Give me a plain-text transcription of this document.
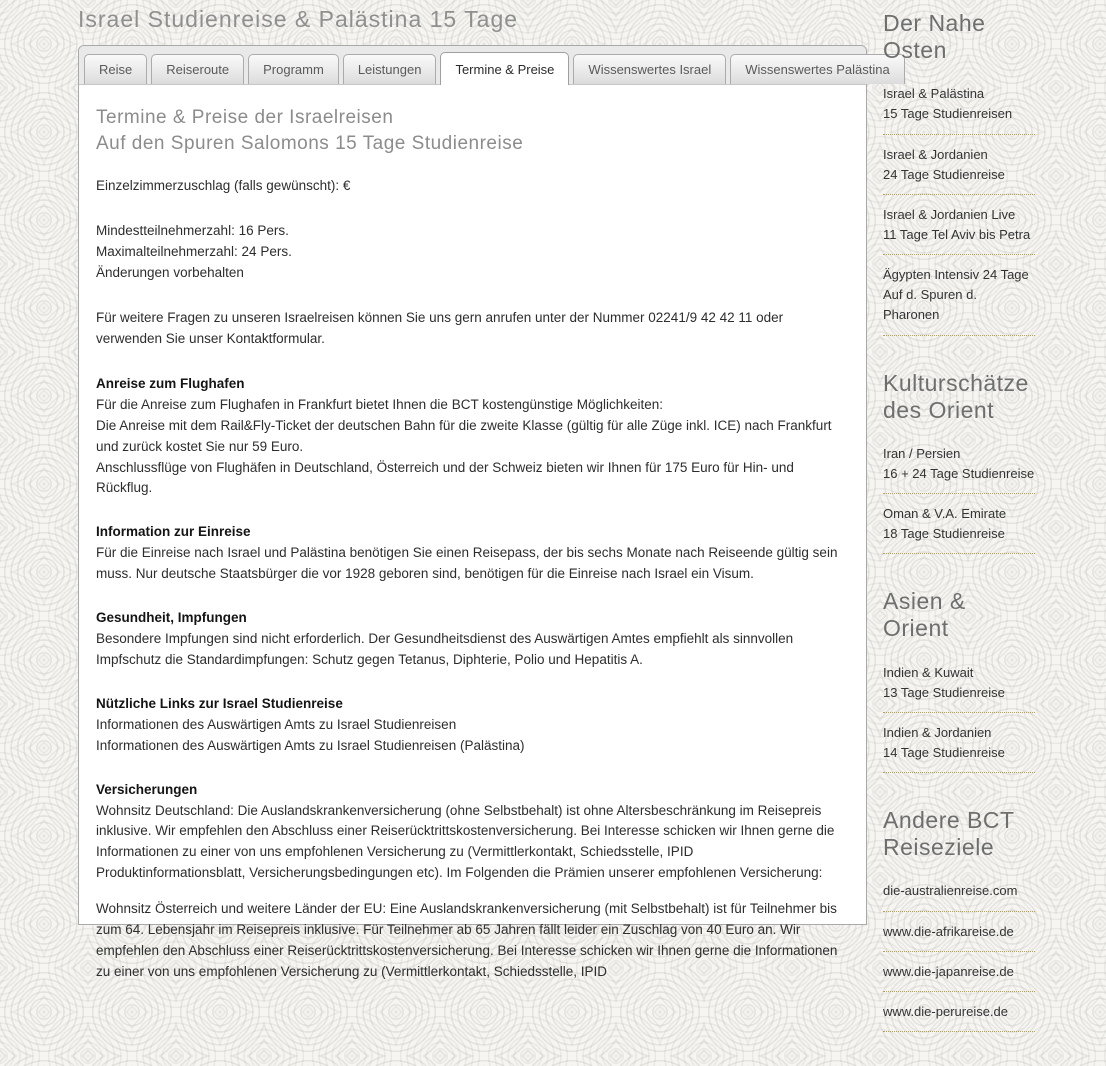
Israel Studienreise & Palästina 15 Tage
Reise	Reiseroute	Programm	Leistungen	Termine & Preise	Wissenswertes Israel	Wissenswertes Palästina
Termine & Preise der Israelreisen
Auf den Spuren Salomons 15 Tage Studienreise

Einzelzimmerzuschlag (falls gewünscht): €

Mindestteilnehmerzahl: 16 Pers.
Maximalteilnehmerzahl: 24 Pers.
Änderungen vorbehalten

Für weitere Fragen zu unseren Israelreisen können Sie uns gern anrufen unter der Nummer 02241/9 42 42 11 oder verwenden Sie unser Kontaktformular.

Anreise zum Flughafen
Für die Anreise zum Flughafen in Frankfurt bietet Ihnen die BCT kostengünstige Möglichkeiten:
Die Anreise mit dem Rail&Fly-Ticket der deutschen Bahn für die zweite Klasse (gültig für alle Züge inkl. ICE) nach Frankfurt und zurück kostet Sie nur 59 Euro.
Anschlussflüge von Flughäfen in Deutschland, Österreich und der Schweiz bieten wir Ihnen für 175 Euro für Hin- und Rückflug.
Information zur Einreise
Für die Einreise nach Israel und Palästina benötigen Sie einen Reisepass, der bis sechs Monate nach Reiseende gültig sein muss. Nur deutsche Staatsbürger die vor 1928 geboren sind, benötigen für die Einreise nach Israel ein Visum.
Gesundheit, Impfungen
Besondere Impfungen sind nicht erforderlich. Der Gesundheitsdienst des Auswärtigen Amtes empfiehlt als sinnvollen Impfschutz die Standardimpfungen: Schutz gegen Tetanus, Diphterie, Polio und Hepatitis A.
Nützliche Links zur Israel Studienreise
Informationen des Auswärtigen Amts zu Israel Studienreisen
Informationen des Auswärtigen Amts zu Israel Studienreisen (Palästina)
Versicherungen
Wohnsitz Deutschland: Die Auslandskrankenversicherung (ohne Selbstbehalt) ist ohne Altersbeschränkung im Reisepreis inklusive. Wir empfehlen den Abschluss einer Reiserücktrittskostenversicherung. Bei Interesse schicken wir Ihnen gerne die Informationen zu einer von uns empfohlenen Versicherung zu (Vermittlerkontakt, Schiedsstelle, IPID Produktinformationsblatt, Versicherungsbedingungen etc). Im Folgenden die Prämien unserer empfohlenen Versicherung:
Wohnsitz Österreich und weitere Länder der EU: Eine Auslandskrankenversicherung (mit Selbstbehalt) ist für Teilnehmer bis zum 64. Lebensjahr im Reisepreis inklusive. Für Teilnehmer ab 65 Jahren fällt leider ein Zuschlag von 40 Euro an. Wir empfehlen den Abschluss einer Reiserücktrittskostenversicherung. Bei Interesse schicken wir Ihnen gerne die Informationen zu einer von uns empfohlenen Versicherung zu (Vermittlerkontakt, Schiedsstelle, IPID
Der Nahe Osten
Israel & Palästina
15 Tage Studienreisen
Israel & Jordanien
24 Tage Studienreise
Israel & Jordanien Live
11 Tage Tel Aviv bis Petra
Ägypten Intensiv 24 Tage
Auf d. Spuren d. Pharonen
Kulturschätze des Orient
Iran / Persien
16 + 24 Tage Studienreise
Oman & V.A. Emirate
18 Tage Studienreise
Asien & Orient
Indien & Kuwait
13 Tage Studienreise
Indien & Jordanien
14 Tage Studienreise
Andere BCT Reiseziele
die-australienreise.com
www.die-afrikareise.de
www.die-japanreise.de
www.die-perureise.de
